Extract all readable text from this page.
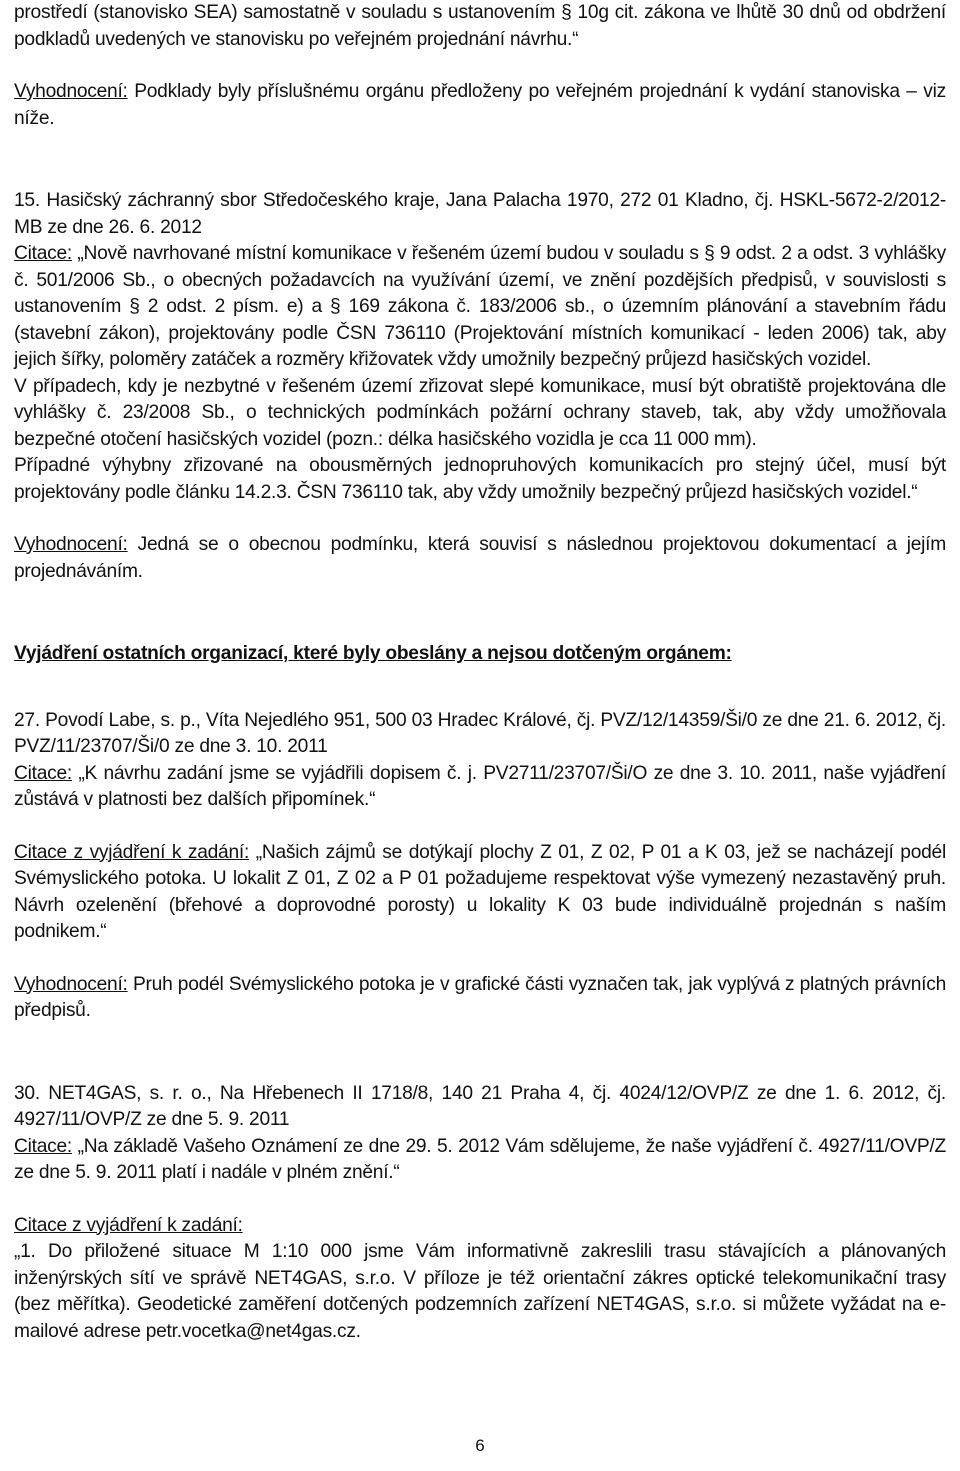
prostředí (stanovisko SEA) samostatně v souladu s ustanovením § 10g cit. zákona ve lhůtě 30 dnů od obdržení podkladů uvedených ve stanovisku po veřejném projednání návrhu.“

Vyhodnocení: Podklady byly příslušnému orgánu předloženy po veřejném projednání k vydání stanoviska – viz níže.

15. Hasičský záchranný sbor Středočeského kraje, Jana Palacha 1970, 272 01 Kladno, čj. HSKL-5672-2/2012-MB ze dne 26. 6. 2012

Citace: „Nově navrhované místní komunikace v řešeném území budou v souladu s § 9 odst. 2 a odst. 3 vyhlášky č. 501/2006 Sb., o obecných požadavcích na využívání území, ve znění pozdějších předpisů, v souvislosti s ustanovením § 2 odst. 2 písm. e) a § 169 zákona č. 183/2006 sb., o územním plánování a stavebním řádu (stavební zákon), projektovány podle ČSN 736110 (Projektování místních komunikací - leden 2006) tak, aby jejich šířky, poloměry zatáček a rozměry křižovatek vždy umožnily bezpečný průjezd hasičských vozidel.

V případech, kdy je nezbytné v řešeném území zřizovat slepé komunikace, musí být obratiště projektována dle vyhlášky č. 23/2008 Sb., o technických podmínkách požární ochrany staveb, tak, aby vždy umožňovala bezpečné otočení hasičských vozidel (pozn.: délka hasičského vozidla je cca 11 000 mm).

Případné výhybny zřizované na obousměrných jednopruhových komunikacích pro stejný účel, musí být projektovány podle článku 14.2.3. ČSN 736110 tak, aby vždy umožnily bezpečný průjezd hasičských vozidel.“

Vyhodnocení: Jedná se o obecnou podmínku, která souvisí s následnou projektovou dokumentací a jejím projednáváním.

Vyjádření ostatních organizací, které byly obeslány a nejsou dotčeným orgánem:

27. Povodí Labe, s. p., Víta Nejedlého 951, 500 03 Hradec Králové, čj. PVZ/12/14359/Ši/0 ze dne 21. 6. 2012, čj. PVZ/11/23707/Ši/0 ze dne 3. 10. 2011

Citace: „K návrhu zadání jsme se vyjádřili dopisem č. j. PV2711/23707/Ši/O ze dne 3. 10. 2011, naše vyjádření zůstává v platnosti bez dalších připomínek.“

Citace z vyjádření k zadání: „Našich zájmů se dotýkají plochy Z 01, Z 02, P 01 a K 03, jež se nacházejí podél Svémyslického potoka. U lokalit Z 01, Z 02 a P 01 požadujeme respektovat výše vymezený nezastavěný pruh. Návrh ozelenění (břehové a doprovodné porosty) u lokality K 03 bude individuálně projednán s naším podnikem.“

Vyhodnocení: Pruh podél Svémyslického potoka je v grafické části vyznačen tak, jak vyplývá z platných právních předpisů.

30. NET4GAS, s. r. o., Na Hřebenech II 1718/8, 140 21 Praha 4, čj. 4024/12/OVP/Z ze dne 1. 6. 2012, čj. 4927/11/OVP/Z ze dne 5. 9. 2011

Citace: „Na základě Vašeho Oznámení ze dne 29. 5. 2012 Vám sdělujeme, že naše vyjádření č. 4927/11/OVP/Z ze dne 5. 9. 2011 platí i nadále v plném znění.“

Citace z vyjádření k zadání:

„1. Do přiložené situace M 1:10 000 jsme Vám informativně zakreslili trasu stávajících a plánovaných inženýrských sítí ve správě NET4GAS, s.r.o. V příloze je též orientační zákres optické telekomunikační trasy (bez měřítka). Geodetické zaměření dotčených podzemních zařízení NET4GAS, s.r.o. si můžete vyžádat na e-mailové adrese petr.vocetka@net4gas.cz.

6
